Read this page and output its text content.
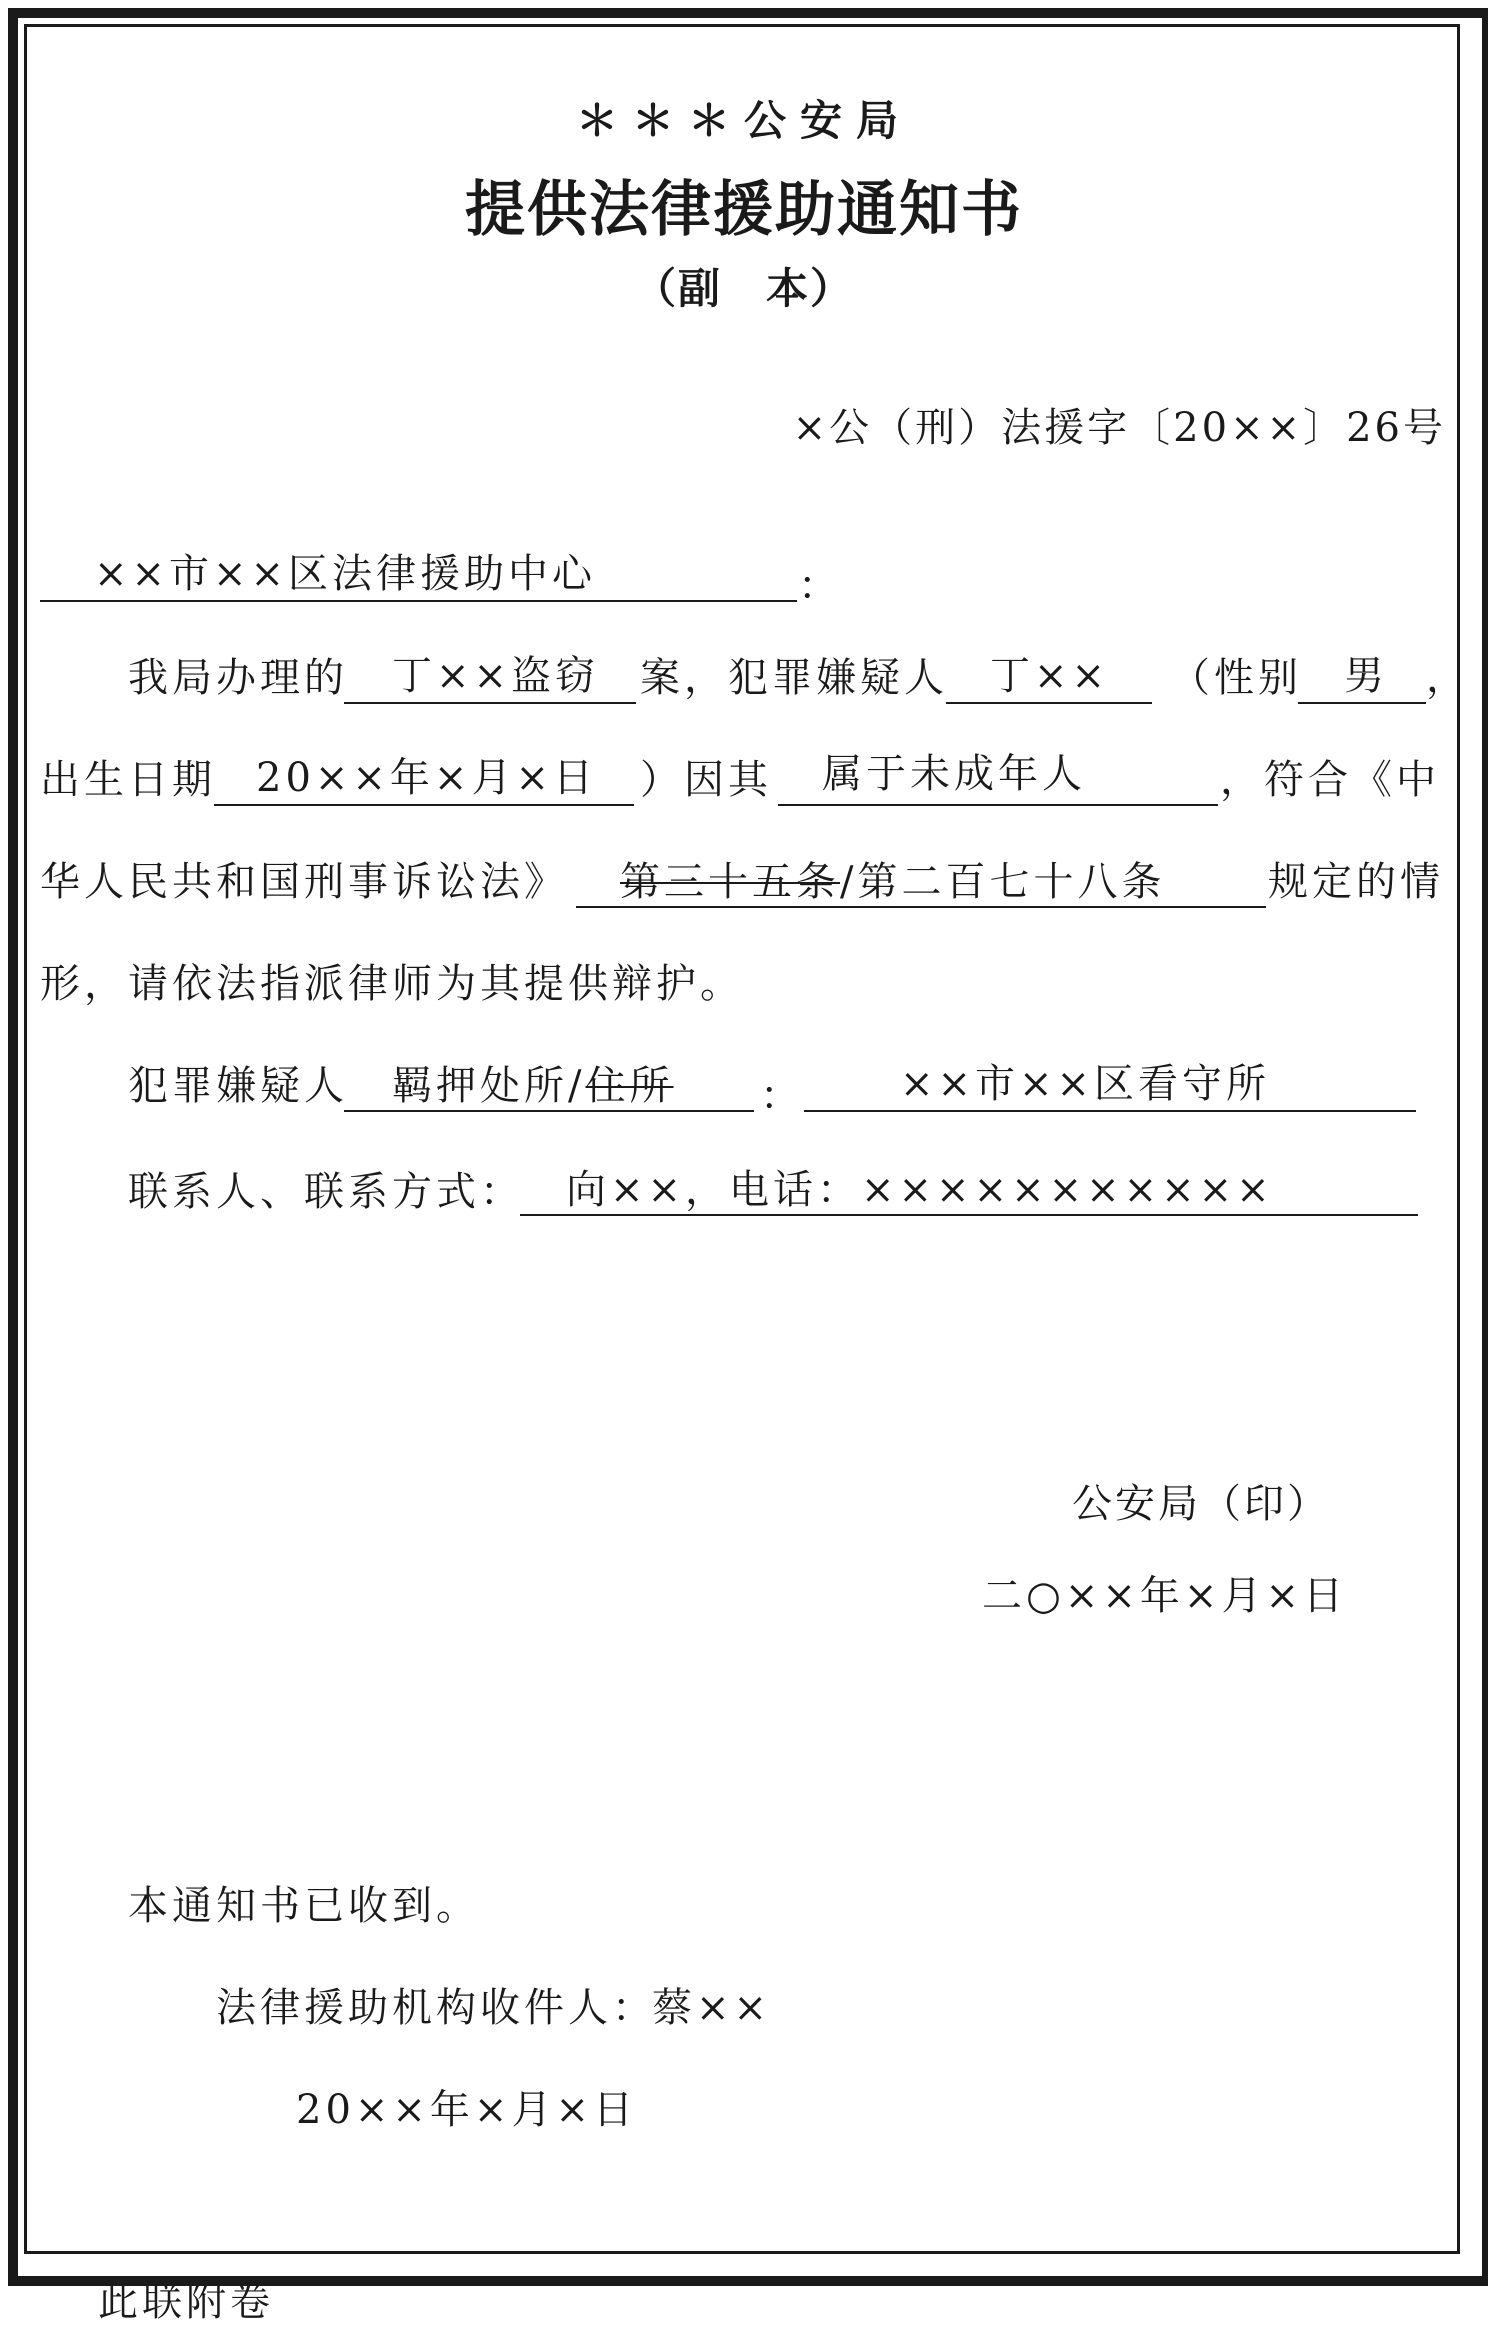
＊＊＊公安局
提供法律援助通知书
（副　本）
×公（刑）法援字〔20××〕26号
××市××区法律援助中心	：
我局办理的 丁××盗窃 案，犯罪嫌疑人 丁×× （性别 男 ，
出生日期 20××年×月×日 ）因其 属于未成年人	，符合《中
华人民共和国刑事诉讼法》 第三十五条/第二百七十八条	规定的情
形，请依法指派律师为其提供辩护。
犯罪嫌疑人 羁押处所/住所 ： ××市××区看守所
联系人、联系方式： 向××，电话：×××××××××××
公安局（印）
二○××年×月×日
本通知书已收到。
法律援助机构收件人：
蔡××
20××年×月×日
此联附卷
